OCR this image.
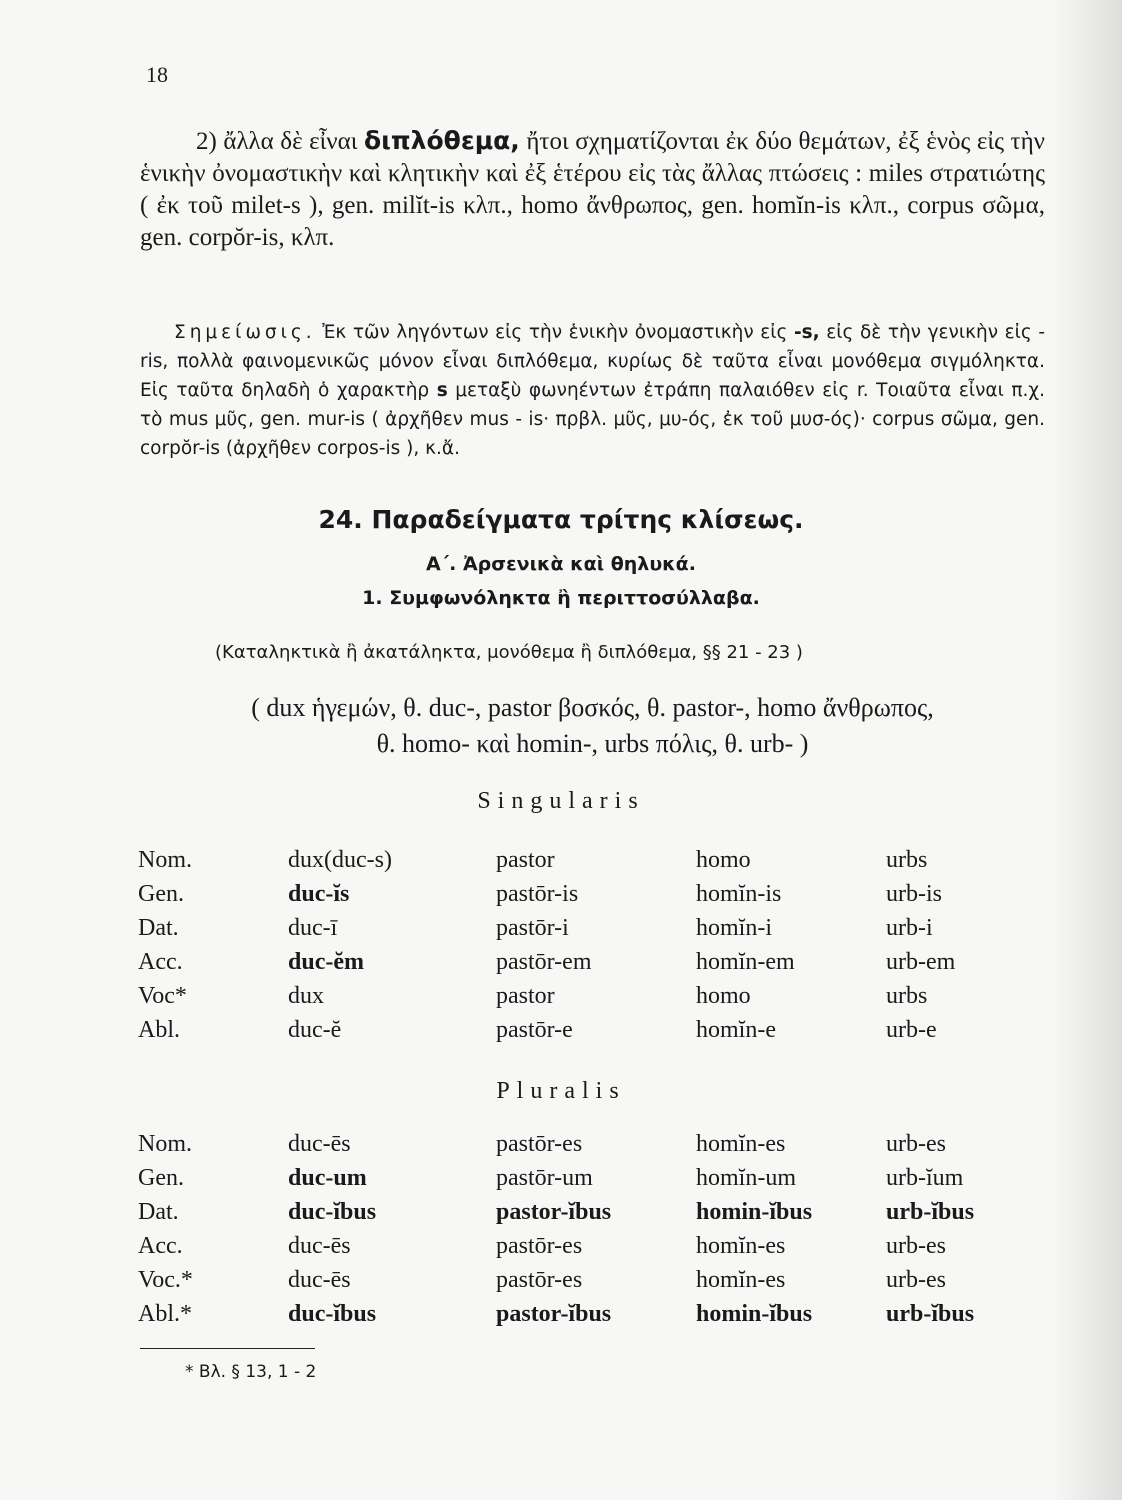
18

2) ἄλλα δὲ εἶναι διπλόθεμα, ἤτοι σχηματίζονται ἐκ δύο θεμάτων, ἐξ ἑνὸς εἰς τὴν ἑνικὴν ὀνομαστικὴν καὶ κλητικὴν καὶ ἐξ ἑτέρου εἰς τὰς ἄλλας πτώσεις : miles στρατιώτης ( ἐκ τοῦ milet-s ), gen. milĭt-is κλπ., homo ἄνθρωπος, gen. homĭn-is κλπ., corpus σῶμα, gen. corpŏr-is, κλπ.

Σημείωσις. Ἐκ τῶν ληγόντων εἰς τὴν ἑνικὴν ὀνομαστικὴν εἰς -s, εἰς δὲ τὴν γενικὴν εἰς -ris, πολλὰ φαινομενικῶς μόνον εἶναι διπλόθεμα, κυρίως δὲ ταῦτα εἶναι μονόθεμα σιγμόληκτα. Εἰς ταῦτα δηλαδὴ ὁ χαρακτὴρ s μεταξὺ φωνηέντων ἐτράπη παλαιόθεν εἰς r. Τοιαῦτα εἶναι π.χ. τὸ mus μῦς, gen. mur-is ( ἀρχῆθεν mus - is· πρβλ. μῦς, μυ-ός, ἐκ τοῦ μυσ-ός)· corpus σῶμα, gen. corpŏr-is (ἀρχῆθεν corpos-is ), κ.ἄ.
24. Παραδείγματα τρίτης κλίσεως.
Α΄. Ἀρσενικὰ καὶ θηλυκά.
1. Συμφωνόληκτα ἢ περιττοσύλλαβα.
(Καταληκτικὰ ἢ ἀκατάληκτα, μονόθεμα ἢ διπλόθεμα, §§ 21 - 23 )

( dux ἡγεμών, θ. duc-, pastor βοσκός, θ. pastor-, homo ἄνθρωπος,

θ. homo- καὶ homin-, urbs πόλις, θ. urb- )

Singularis
Nom.	dux(duc-s)	pastor	homo	urbs
Gen.	duc-ĭs	pastōr-is	homĭn-is	urb-is
Dat.	duc-ī	pastōr-i	homĭn-i	urb-i
Acc.	duc-ĕm	pastōr-em	homĭn-em	urb-em
Voc*	dux	pastor	homo	urbs
Abl.	duc-ĕ	pastōr-e	homĭn-e	urb-e
Pluralis
Nom.	duc-ēs	pastōr-es	homĭn-es	urb-es
Gen.	duc-um	pastōr-um	homĭn-um	urb-ĭum
Dat.	duc-ĭbus	pastor-ĭbus	homin-ĭbus	urb-ĭbus
Acc.	duc-ēs	pastōr-es	homĭn-es	urb-es
Voc.*	duc-ēs	pastōr-es	homĭn-es	urb-es
Abl.*	duc-ĭbus	pastor-ĭbus	homin-ĭbus	urb-ĭbus
* Βλ. § 13, 1 - 2
